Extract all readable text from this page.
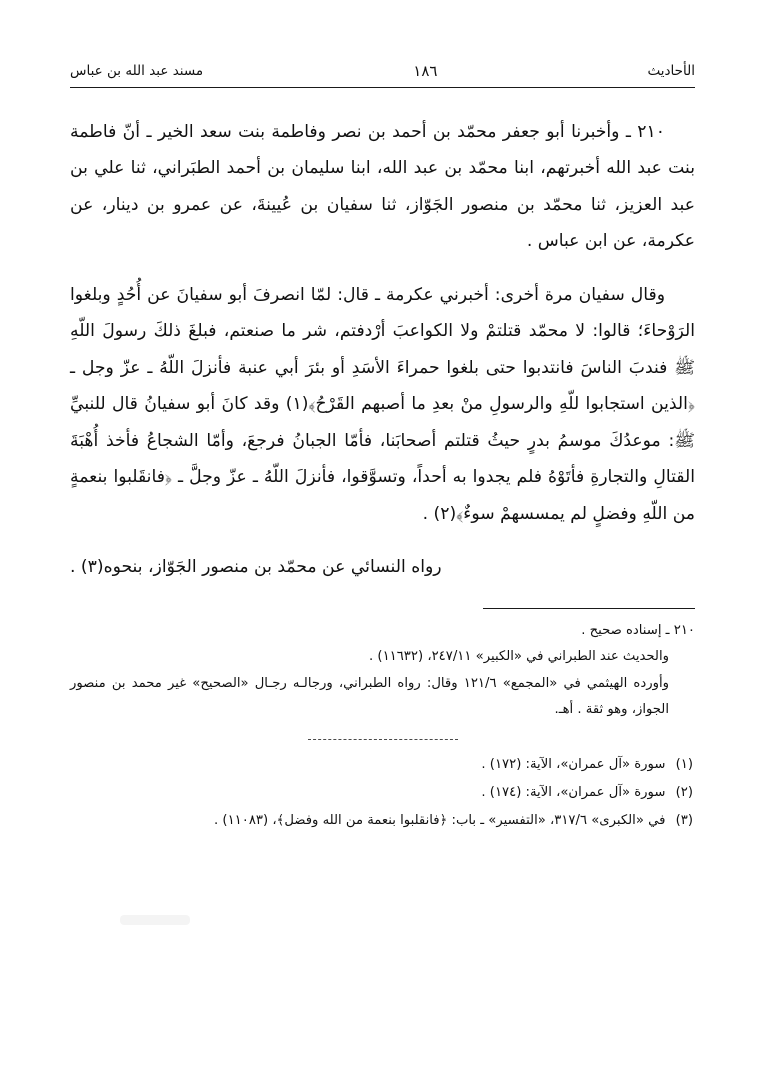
الأحاديث
١٨٦
مسند عبد الله بن عباس

٢١٠ ـ وأخبرنا أبو جعفر محمّد بن أحمد بن نصر وفاطمة بنت سعد الخير ـ أنّ فاطمة بنت عبد الله أخبرتهم، ابنا محمّد بن عبد الله، ابنا سليمان بن أحمد الطبَراني، ثنا علي بن عبد العزيز، ثنا محمّد بن منصور الجَوّاز، ثنا سفيان بن عُيينةَ، عن عمرو بن دينار، عن عكرمة، عن ابن عباس .

وقال سفيان مرة أخرى: أخبرني عكرمة ـ قال: لمّا انصرفَ أبو سفيانَ عن أُحُدٍ وبلغوا الرَوْحاءَ؛ قالوا: لا محمّد قتلتمْ ولا الكواعبَ أرْدفتم، شر ما صنعتم، فبلغَ ذلكَ رسولَ اللّهِ ﷺ فندبَ الناسَ فانتدبوا حتى بلغوا حمراءَ الأسَدِ أو بئرَ أبي عنبة فأنزلَ اللّهُ ـ عزّ وجل ـ ﴿الذين استجابوا للّهِ والرسولِ منْ بعدِ ما أصبهم القَرْحُ﴾(١) وقد كانَ أبو سفيانُ قال للنبيِّ ﷺ: موعدُكَ موسمُ بدرٍ حيثُ قتلتم أصحابَنا، فأمّا الجبانُ فرجعَ، وأمّا الشجاعُ فأخذ أُهْبَةَ القتالِ والتجارةِ فأتَوْهُ فلم يجدوا به أحداً، وتسوَّقوا، فأنزلَ اللّهُ ـ عزّ وجلَّ ـ ﴿فانقَلبوا بنعمةٍ من اللّهِ وفضلٍ لم يمسسهمْ سوءٌ﴾(٢) .

رواه النسائي عن محمّد بن منصور الجَوّاز، بنحوه(٣) .

٢١٠ ـ إسناده صحيح .

والحديث عند الطبراني في «الكبير» ٢٤٧/١١، (١١٦٣٢) .

وأورده الهيثمي في «المجمع» ١٢١/٦ وقال: رواه الطبراني، ورجالـه رجـال «الصحيح» غير محمد بن منصور الجواز، وهو ثقة . أهـ.

(١) سورة «آل عمران»، الآية: (١٧٢) .

(٢) سورة «آل عمران»، الآية: (١٧٤) .

(٣) في «الكبرى» ٣١٧/٦، «التفسير» ـ باب: ﴿فانقلبوا بنعمة من الله وفضل﴾، (١١٠٨٣) .
